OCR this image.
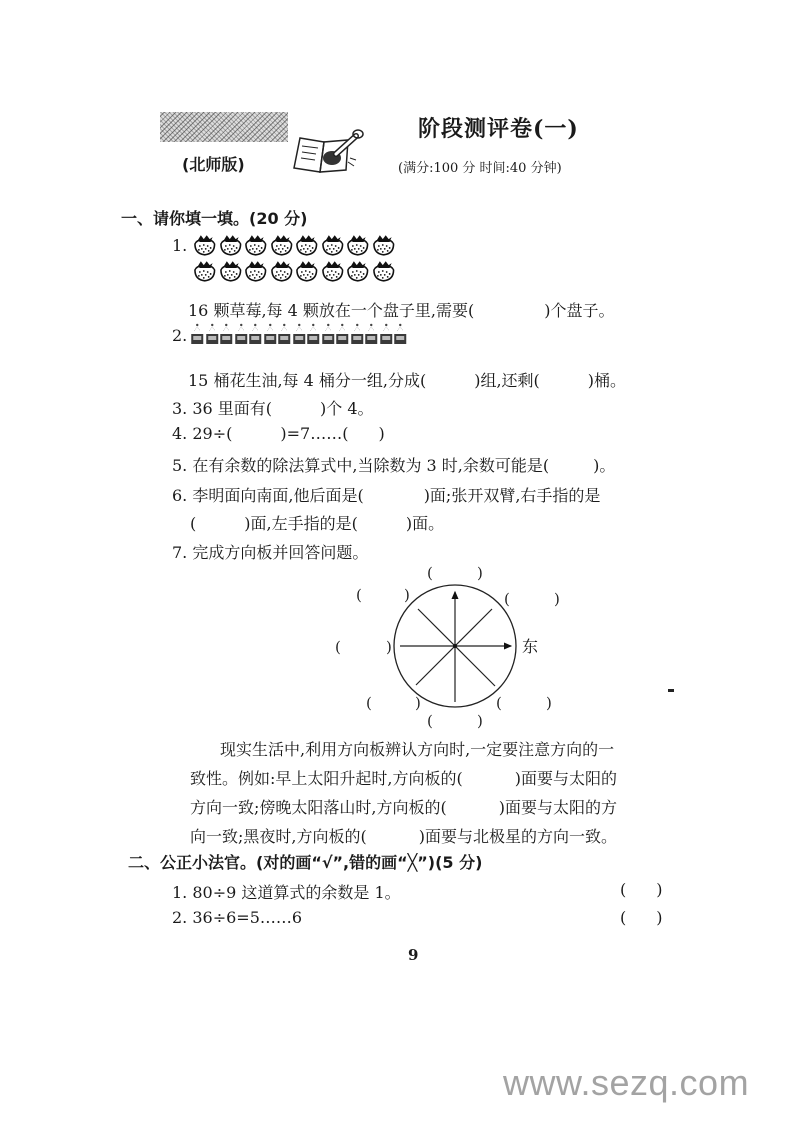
(北师版)
阶段测评卷(一)
(满分:100 分 时间:40 分钟)
一、请你填一填。(20 分)
1.
16 颗草莓,每 4 颗放在一个盘子里,需要(	)个盘子。
2.
15 桶花生油,每 4 桶分一组,分成(	)组,还剩(	)桶。
3. 36 里面有(	)个 4。
4. 29÷(	)=7……( )
5. 在有余数的除法算式中,当除数为 3 时,余数可能是(	)。
6. 李明面向南面,他后面是(	)面;张开双臂,右手指的是
(	)面,左手指的是(	)面。
7. 完成方向板并回答问题。
东
(	)
(	)	(	)
(	)
(	)	(	)
(	)
现实生活中,利用方向板辨认方向时,一定要注意方向的一
致性。例如:早上太阳升起时,方向板的(	)面要与太阳的
方向一致;傍晚太阳落山时,方向板的(	)面要与太阳的方
向一致;黑夜时,方向板的(	)面要与北极星的方向一致。
二、公正小法官。(对的画“√”,错的画“╳”)(5 分)
1. 80÷9 这道算式的余数是 1。	( )
2. 36÷6=5……6	( )
9
www.sezq.com
